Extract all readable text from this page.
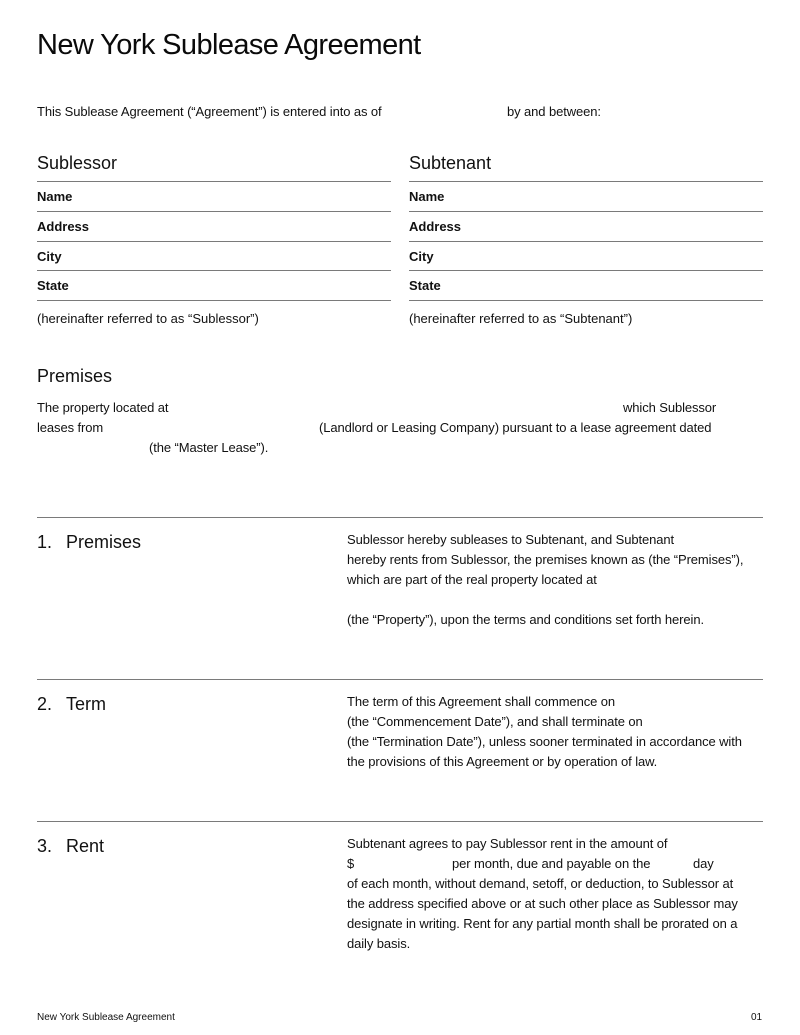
New York Sublease Agreement
This Sublease Agreement (“Agreement”) is entered into as of	by and between:
Sublessor
Name
Address
City
State
(hereinafter referred to as “Sublessor”)
Subtenant
Name
Address
City
State
(hereinafter referred to as “Subtenant”)
Premises
The property located at	which Sublessor
leases from	(Landlord or Leasing Company) pursuant to a lease agreement dated
(the “Master Lease”).
1. Premises	Sublessor hereby subleases to Subtenant, and Subtenant
hereby rents from Sublessor, the premises known as (the “Premises”),
which are part of the real property located at
(the “Property”), upon the terms and conditions set forth herein.
2. Term	The term of this Agreement shall commence on
(the “Commencement Date”), and shall terminate on
(the “Termination Date”), unless sooner terminated in accordance with
the provisions of this Agreement or by operation of law.
3. Rent	Subtenant agrees to pay Sublessor rent in the amount of
$	per month, due and payable on the	day
of each month, without demand, setoff, or deduction, to Sublessor at
the address specified above or at such other place as Sublessor may
designate in writing. Rent for any partial month shall be prorated on a
daily basis.
New York Sublease Agreement	01
